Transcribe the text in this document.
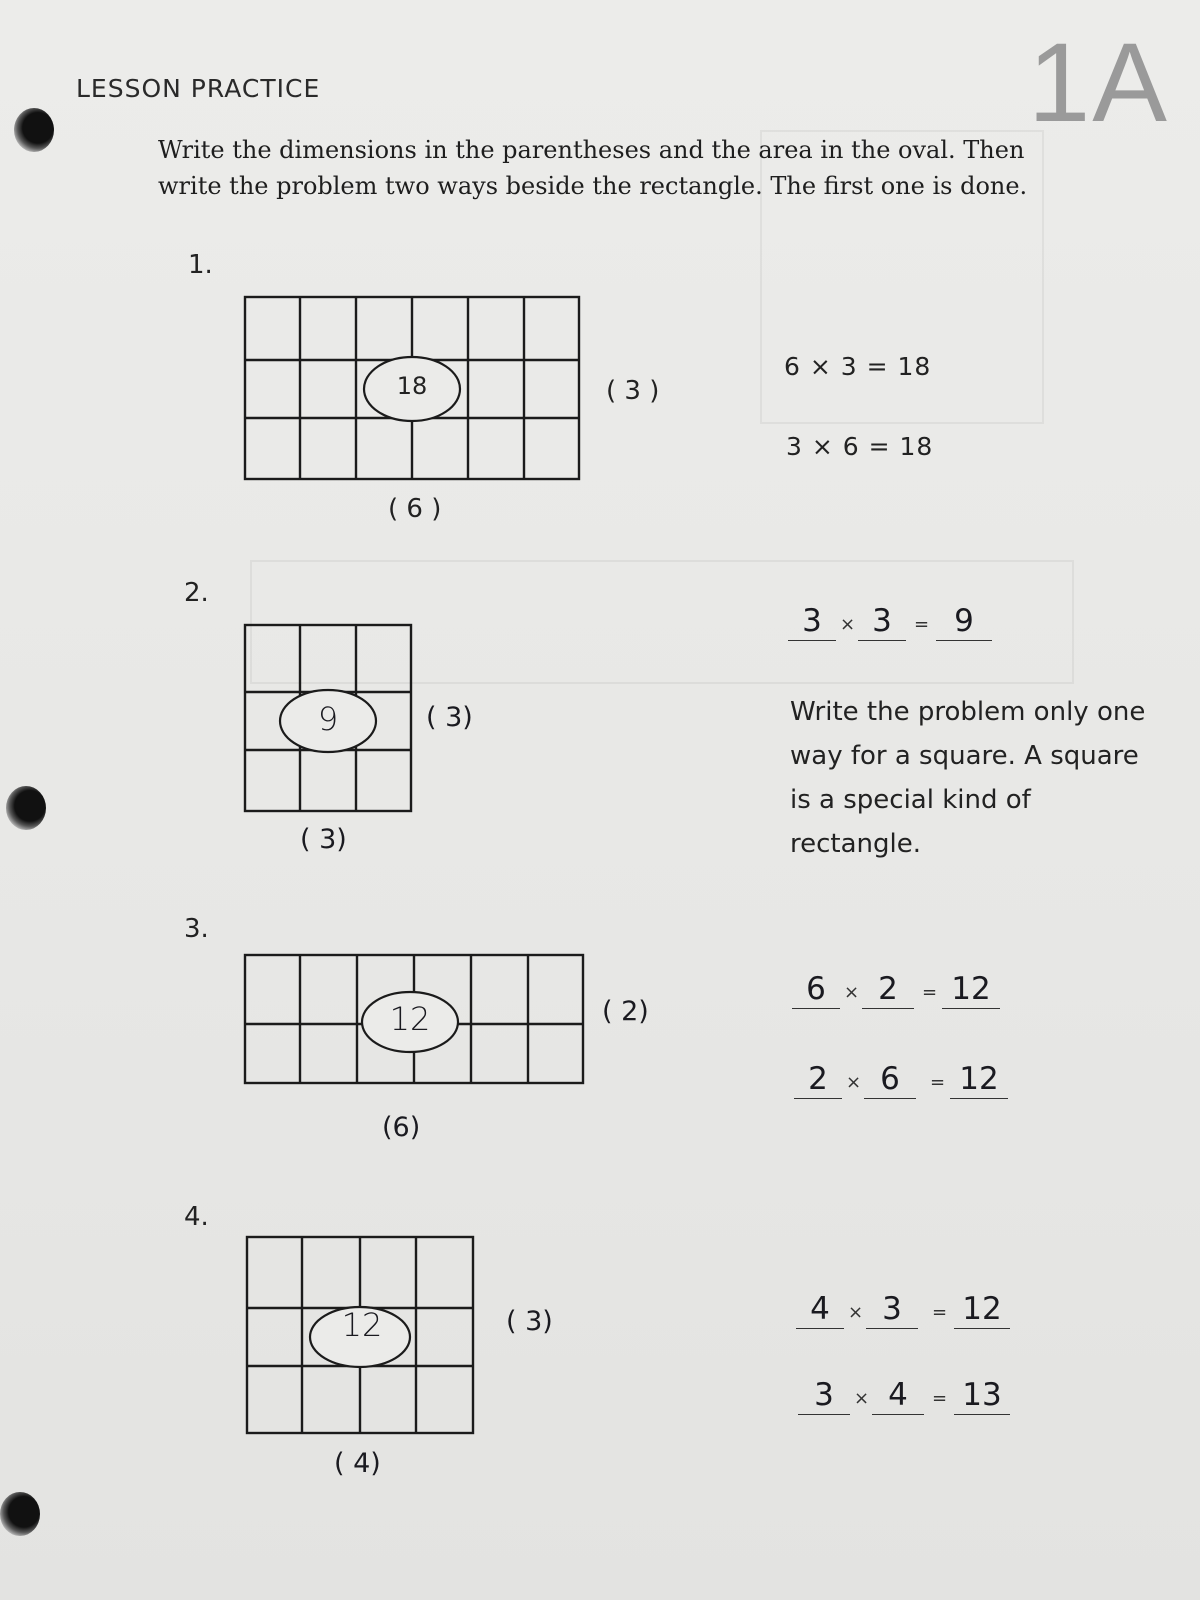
LESSON PRACTICE	1A
Write the dimensions in the parentheses and the area in the oval. Then write the problem two ways beside the rectangle. The first one is done.
1.
18	( 3 )
( 6 )
6 × 3 = 18
3 × 6 = 18
2.
9	( 3)
( 3)
3	× 3	= 9
Write the problem only one way for a square. A square is a special kind of rectangle.
3.
12	( 2)
(6)
6	× 2	= 12
2	× 6	= 12
4.
12	( 3)
( 4)
4	× 3	= 12
3	× 4	= 13
